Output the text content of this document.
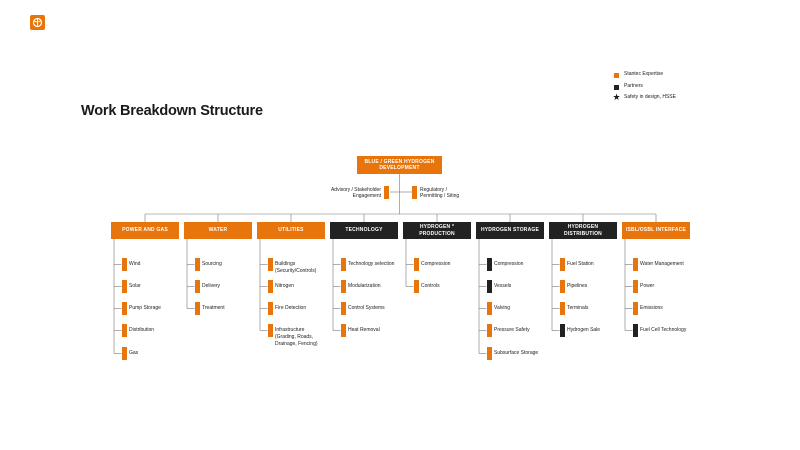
Work Breakdown Structure
Stantec Expertise
Partners
★ Safety in design, HSSE
BLUE / GREEN HYDROGEN DEVELOPMENT
Advisory / Stakeholder Engagement
Regulatory / Permitting / Siting
POWER AND GAS
Wind
Solar
Pump Storage
Distribution
Gas
WATER
Sourcing
Delivery
Treatment
UTILITIES
Buildings (Security/Controls)
Nitrogen
Fire Detection
Infrastructure (Grading, Roads, Drainage, Fencing)
TECHNOLOGY
Technology selection
Modularization
Control Systems
Heat Removal
HYDROGEN * PRODUCTION
Compression
Controls
HYDROGEN STORAGE
Compression
Vessels
Valving
Pressure Safety
Subsurface Storage
HYDROGEN DISTRIBUTION
Fuel Station
Pipelines
Terminals
Hydrogen Sale
ISBL/OSBL INTERFACE
Water Management
Power
Emissions
Fuel Cell Technology
